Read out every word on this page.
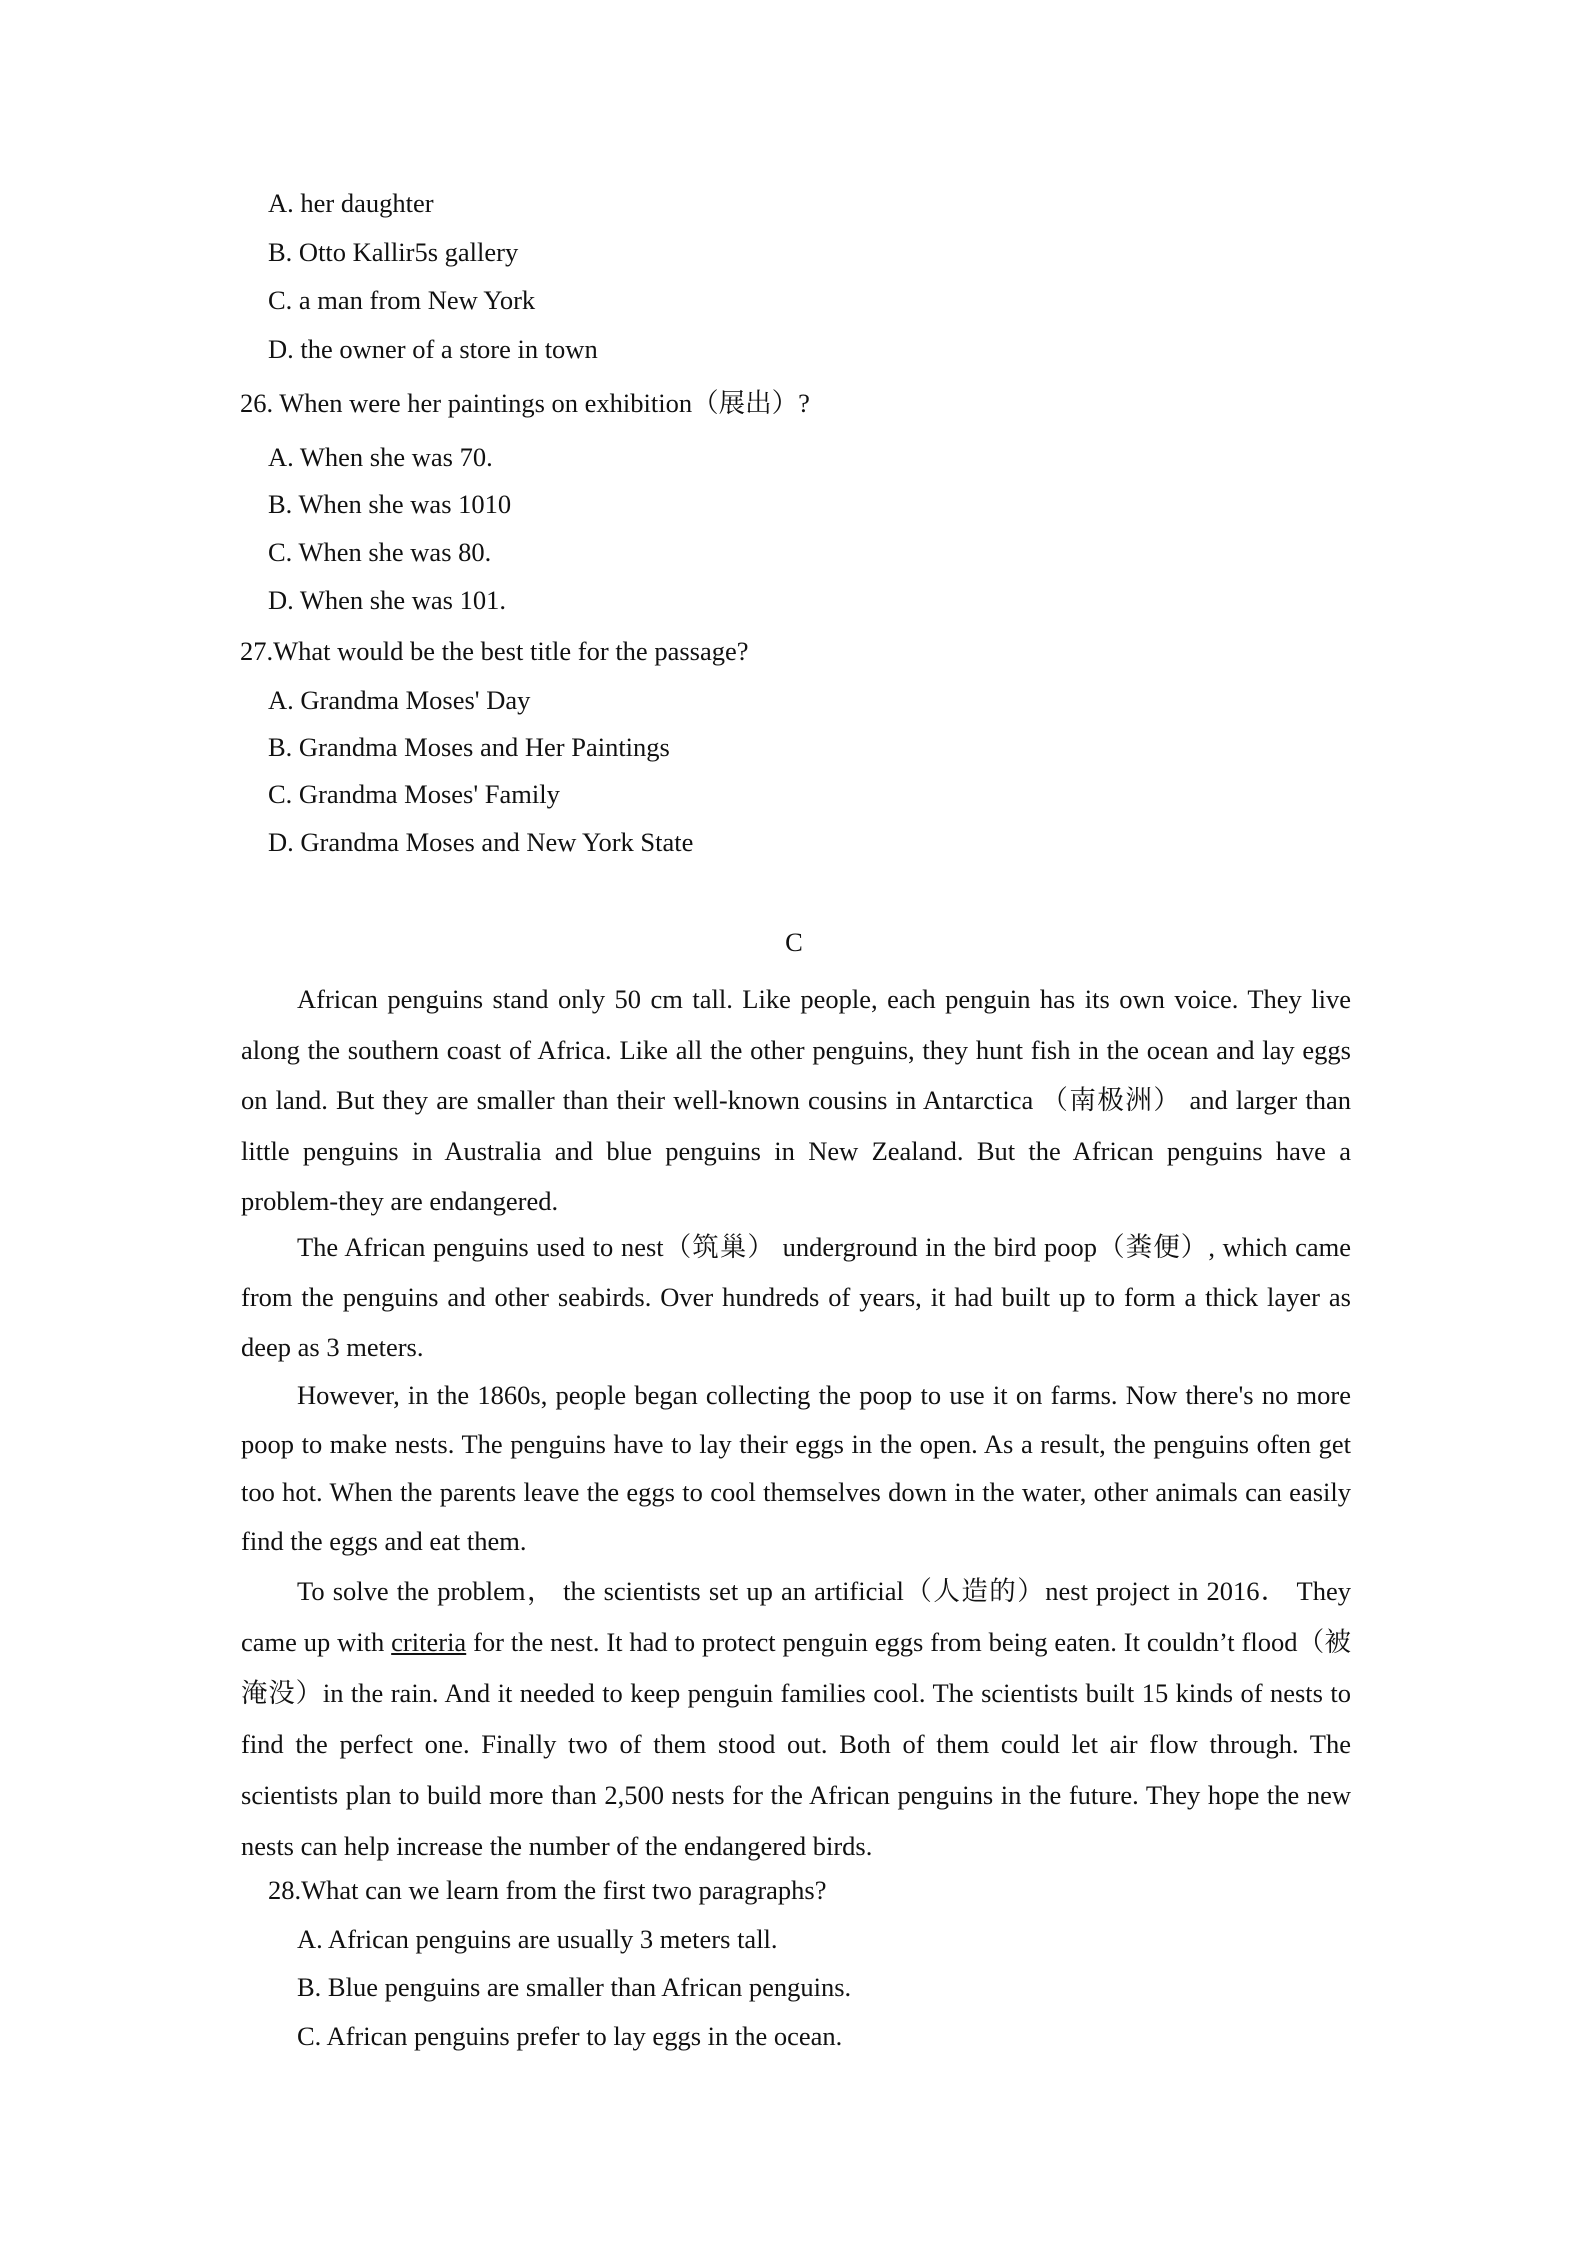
A. her daughter
B. Otto Kallir5s gallery
C. a man from New York
D. the owner of a store in town
26. When were her paintings on exhibition（展出）?
A. When she was 70.
B. When she was 1010
C. When she was 80.
D. When she was 101.
27.What would be the best title for the passage?
A. Grandma Moses' Day
B. Grandma Moses and Her Paintings
C. Grandma Moses' Family
D. Grandma Moses and New York State
C
African penguins stand only 50 cm tall. Like people, each penguin has its own voice. They live along the southern coast of Africa. Like all the other penguins, they hunt fish in the ocean and lay eggs on land. But they are smaller than their well-known cousins in Antarctica （南极洲） and larger than little penguins in Australia and blue penguins in New Zealand. But the African penguins have a problem-they are endangered.
The African penguins used to nest（筑巢） underground in the bird poop（粪便）, which came from the penguins and other seabirds. Over hundreds of years, it had built up to form a thick layer as deep as 3 meters.
However, in the 1860s, people began collecting the poop to use it on farms. Now there's no more poop to make nests. The penguins have to lay their eggs in the open. As a result, the penguins often get too hot. When the parents leave the eggs to cool themselves down in the water, other animals can easily find the eggs and eat them.
To solve the problem， the scientists set up an artificial（人造的）nest project in 2016． They came up with criteria for the nest. It had to protect penguin eggs from being eaten. It couldn’t flood（被淹没）in the rain. And it needed to keep penguin families cool. The scientists built 15 kinds of nests to find the perfect one. Finally two of them stood out. Both of them could let air flow through. The scientists plan to build more than 2,500 nests for the African penguins in the future. They hope the new nests can help increase the number of the endangered birds.
28.What can we learn from the first two paragraphs?
A. African penguins are usually 3 meters tall.
B. Blue penguins are smaller than African penguins.
C. African penguins prefer to lay eggs in the ocean.
